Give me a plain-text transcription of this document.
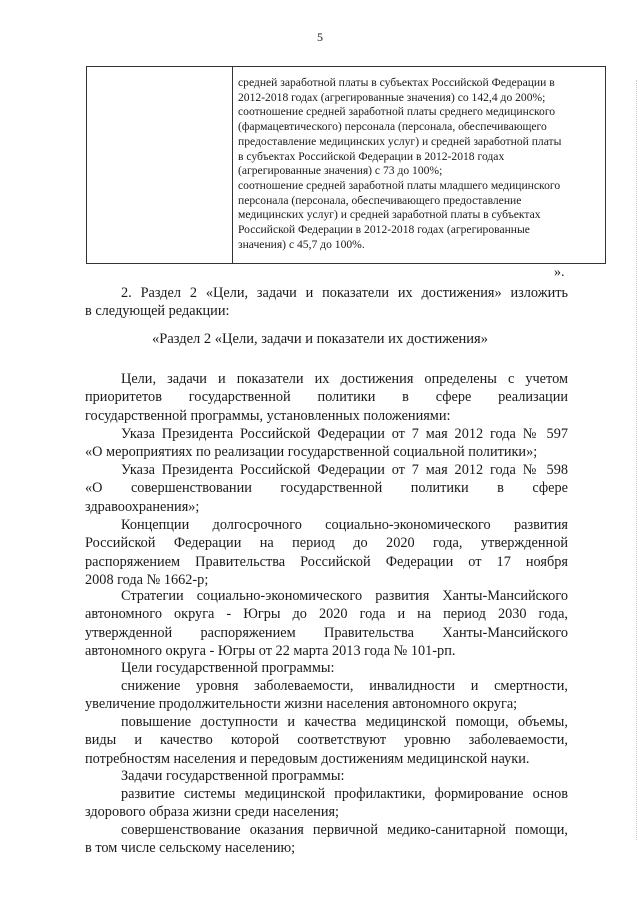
5

средней заработной платы в субъектах Российской Федерации в
2012-2018 годах (агрегированные значения) со 142,4 до 200%;
соотношение средней заработной платы среднего медицинского
(фармацевтического) персонала (персонала, обеспечивающего
предоставление медицинских услуг) и средней заработной платы
в субъектах Российской Федерации в 2012-2018 годах
(агрегированные значения) с 73 до 100%;
соотношение средней заработной платы младшего медицинского
персонала (персонала, обеспечивающего предоставление
медицинских услуг) и средней заработной платы в субъектах
Российской Федерации в 2012-2018 годах (агрегированные
значения) с 45,7 до 100%.
».
2. Раздел 2 «Цели, задачи и показатели их достижения» изложить
в следующей редакции:
«Раздел 2 «Цели, задачи и показатели их достижения»
Цели, задачи и показатели их достижения определены с учетом
приоритетов государственной политики в сфере реализации
государственной программы, установленных положениями:
Указа Президента Российской Федерации от 7 мая 2012 года № 597
«О мероприятиях по реализации государственной социальной политики»;
Указа Президента Российской Федерации от 7 мая 2012 года № 598
«О совершенствовании государственной политики в сфере
здравоохранения»;
Концепции долгосрочного социально-экономического развития
Российской Федерации на период до 2020 года, утвержденной
распоряжением Правительства Российской Федерации от 17 ноября
2008 года № 1662-р;
Стратегии социально-экономического развития Ханты-Мансийского
автономного округа - Югры до 2020 года и на период 2030 года,
утвержденной распоряжением Правительства Ханты-Мансийского
автономного округа - Югры от 22 марта 2013 года № 101-рп.
Цели государственной программы:
снижение уровня заболеваемости, инвалидности и смертности,
увеличение продолжительности жизни населения автономного округа;
повышение доступности и качества медицинской помощи, объемы,
виды и качество которой соответствуют уровню заболеваемости,
потребностям населения и передовым достижениям медицинской науки.
Задачи государственной программы:
развитие системы медицинской профилактики, формирование основ
здорового образа жизни среди населения;
совершенствование оказания первичной медико-санитарной помощи,
в том числе сельскому населению;
